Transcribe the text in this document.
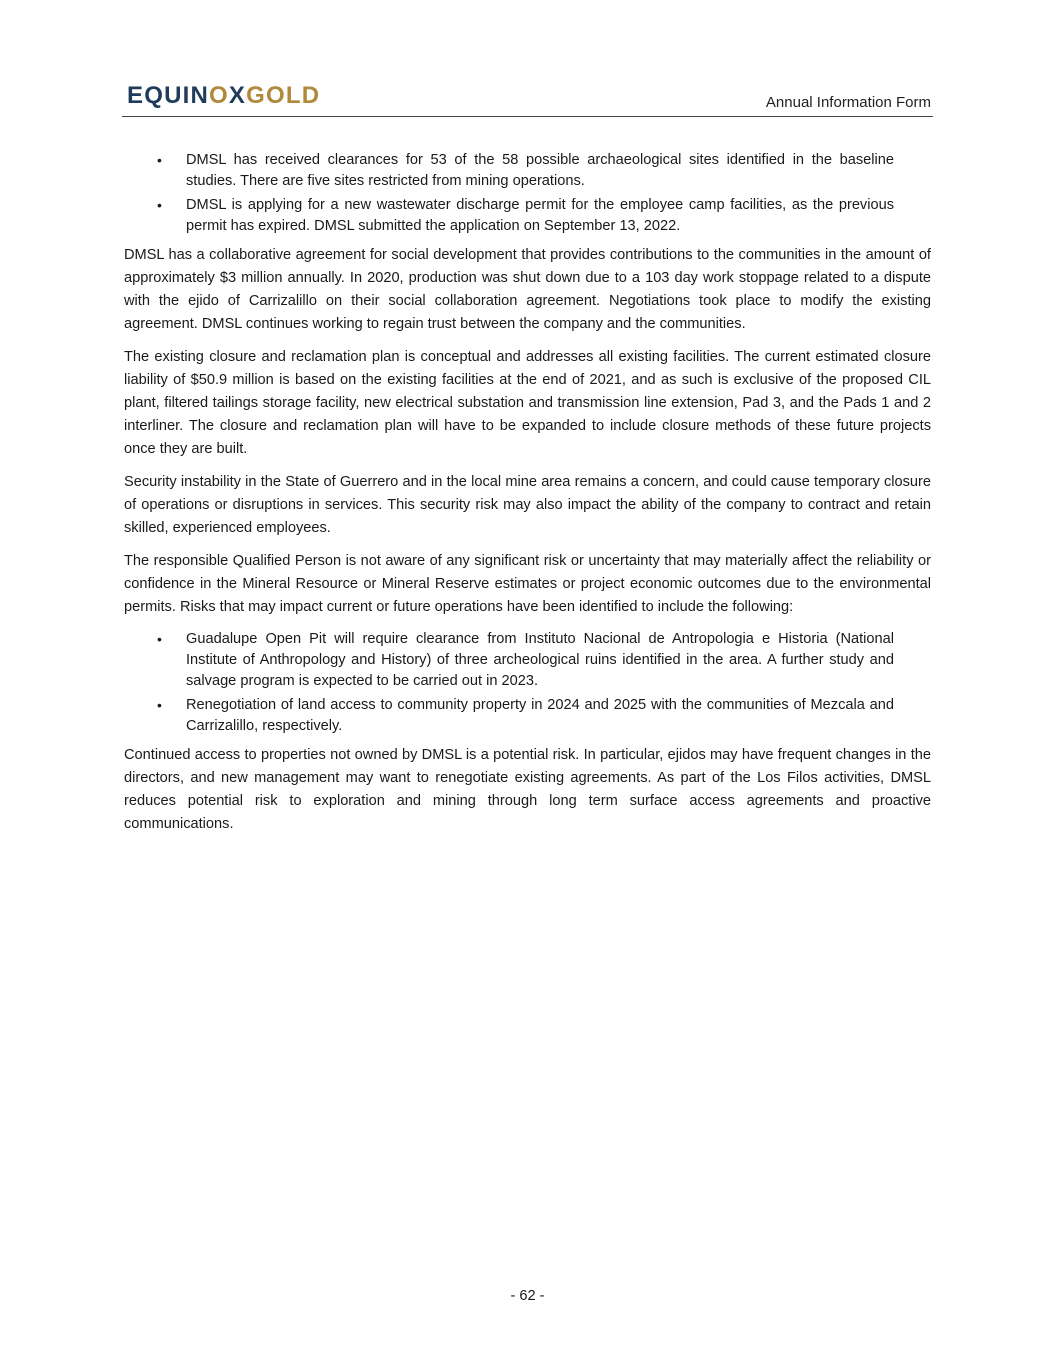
EQUINOXGOLD	Annual Information Form
• DMSL has received clearances for 53 of the 58 possible archaeological sites identified in the baseline studies. There are five sites restricted from mining operations.
• DMSL is applying for a new wastewater discharge permit for the employee camp facilities, as the previous permit has expired. DMSL submitted the application on September 13, 2022.

DMSL has a collaborative agreement for social development that provides contributions to the communities in the amount of approximately $3 million annually. In 2020, production was shut down due to a 103 day work stoppage related to a dispute with the ejido of Carrizalillo on their social collaboration agreement. Negotiations took place to modify the existing agreement. DMSL continues working to regain trust between the company and the communities.

The existing closure and reclamation plan is conceptual and addresses all existing facilities. The current estimated closure liability of $50.9 million is based on the existing facilities at the end of 2021, and as such is exclusive of the proposed CIL plant, filtered tailings storage facility, new electrical substation and transmission line extension, Pad 3, and the Pads 1 and 2 interliner. The closure and reclamation plan will have to be expanded to include closure methods of these future projects once they are built.

Security instability in the State of Guerrero and in the local mine area remains a concern, and could cause temporary closure of operations or disruptions in services. This security risk may also impact the ability of the company to contract and retain skilled, experienced employees.

The responsible Qualified Person is not aware of any significant risk or uncertainty that may materially affect the reliability or confidence in the Mineral Resource or Mineral Reserve estimates or project economic outcomes due to the environmental permits. Risks that may impact current or future operations have been identified to include the following:

• Guadalupe Open Pit will require clearance from Instituto Nacional de Antropologia e Historia (National Institute of Anthropology and History) of three archeological ruins identified in the area. A further study and salvage program is expected to be carried out in 2023.
• Renegotiation of land access to community property in 2024 and 2025 with the communities of Mezcala and Carrizalillo, respectively.

Continued access to properties not owned by DMSL is a potential risk. In particular, ejidos may have frequent changes in the directors, and new management may want to renegotiate existing agreements. As part of the Los Filos activities, DMSL reduces potential risk to exploration and mining through long term surface access agreements and proactive communications.

- 62 -
